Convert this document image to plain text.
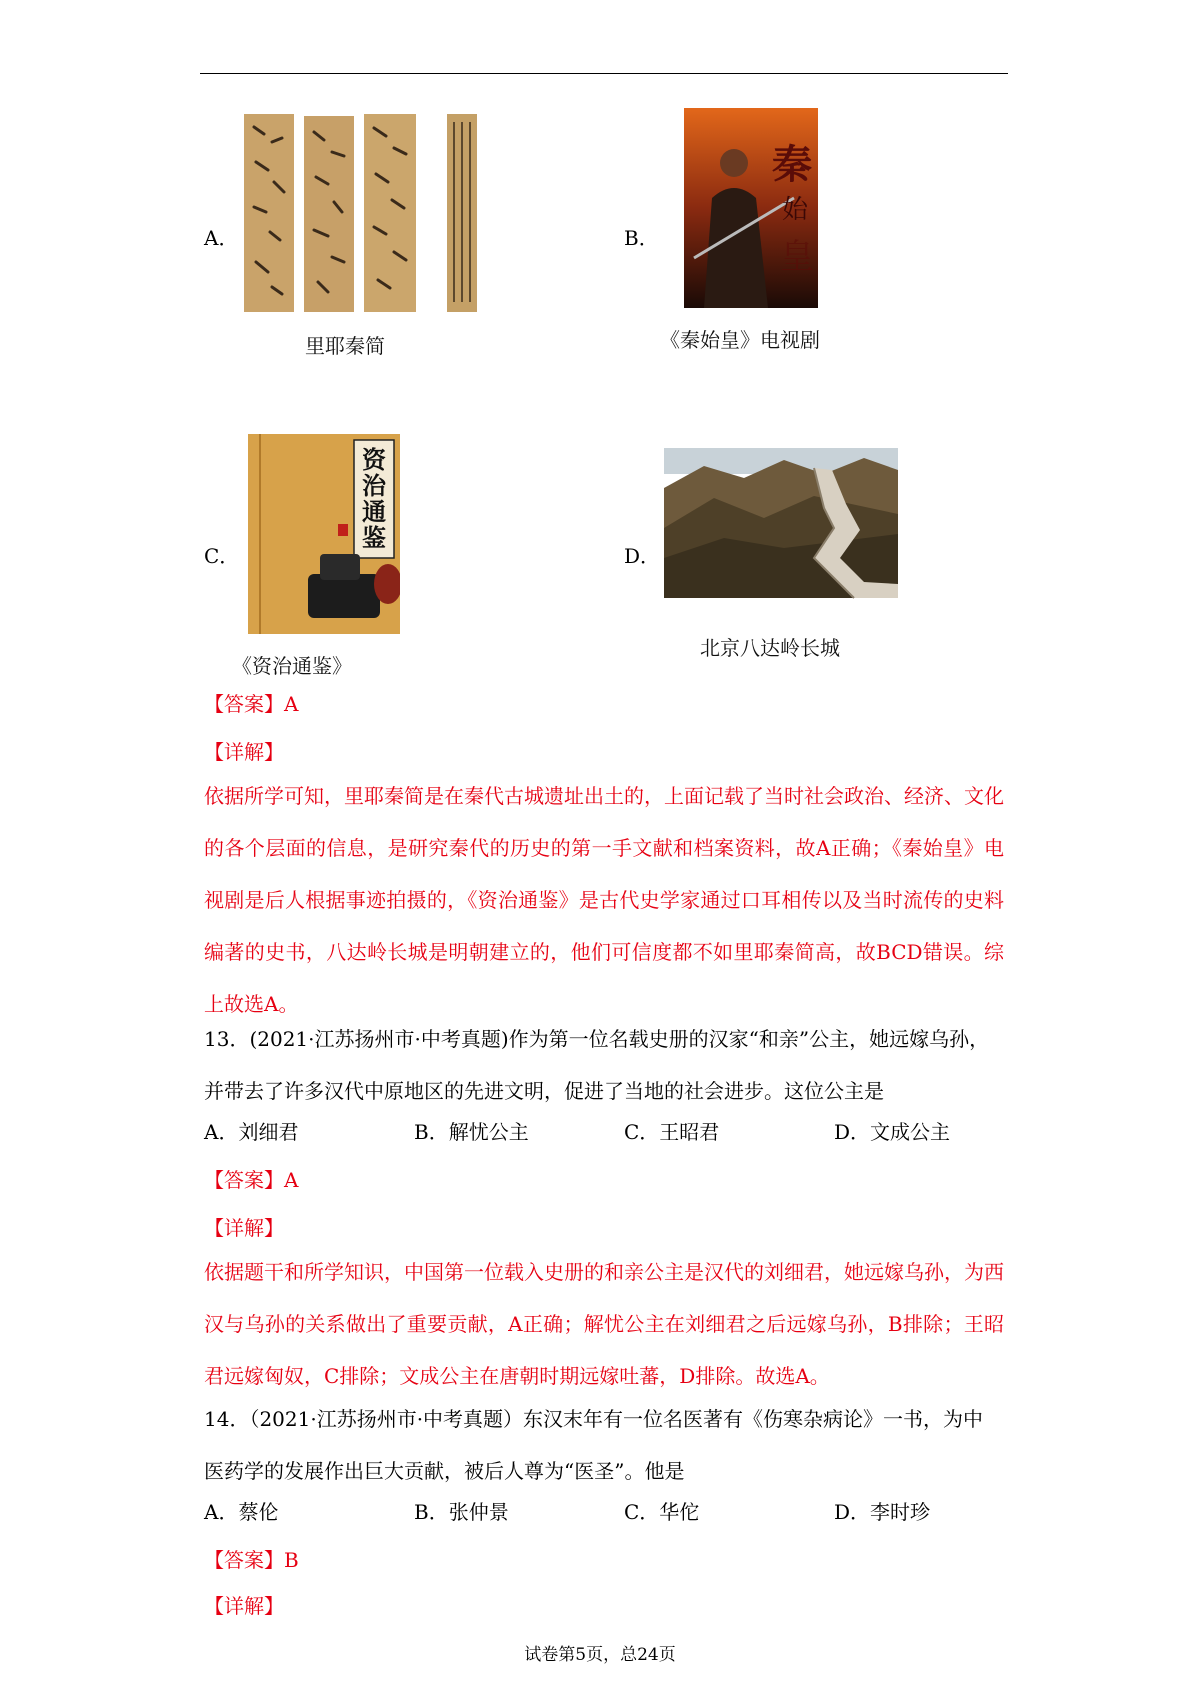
A．
里耶秦简
B．
秦
始
皇
《秦始皇》电视剧
C．
资
治
通
鉴
《资治通鉴》
D．
北京八达岭长城
【答案】A
【详解】
依据所学可知，里耶秦简是在秦代古城遗址出土的，上面记载了当时社会政治、经济、文化的各个层面的信息，是研究秦代的历史的第一手文献和档案资料，故A正确；《秦始皇》电视剧是后人根据事迹拍摄的，《资治通鉴》是古代史学家通过口耳相传以及当时流传的史料编著的史书，八达岭长城是明朝建立的，他们可信度都不如里耶秦简高，故BCD错误。综上故选A。
13．(2021·江苏扬州市·中考真题)作为第一位名载史册的汉家“和亲”公主，她远嫁乌孙，
并带去了许多汉代中原地区的先进文明，促进了当地的社会进步。这位公主是
A．刘细君	B．解忧公主	C．王昭君	D．文成公主
【答案】A
【详解】
依据题干和所学知识，中国第一位载入史册的和亲公主是汉代的刘细君，她远嫁乌孙，为西汉与乌孙的关系做出了重要贡献，A正确；解忧公主在刘细君之后远嫁乌孙，B排除；王昭君远嫁匈奴，C排除；文成公主在唐朝时期远嫁吐蕃，D排除。故选A。
14．（2021·江苏扬州市·中考真题）东汉末年有一位名医著有《伤寒杂病论》一书，为中
医药学的发展作出巨大贡献，被后人尊为“医圣”。他是
A．蔡伦	B．张仲景	C．华佗	D．李时珍
【答案】B
【详解】
试卷第5页，总24页
